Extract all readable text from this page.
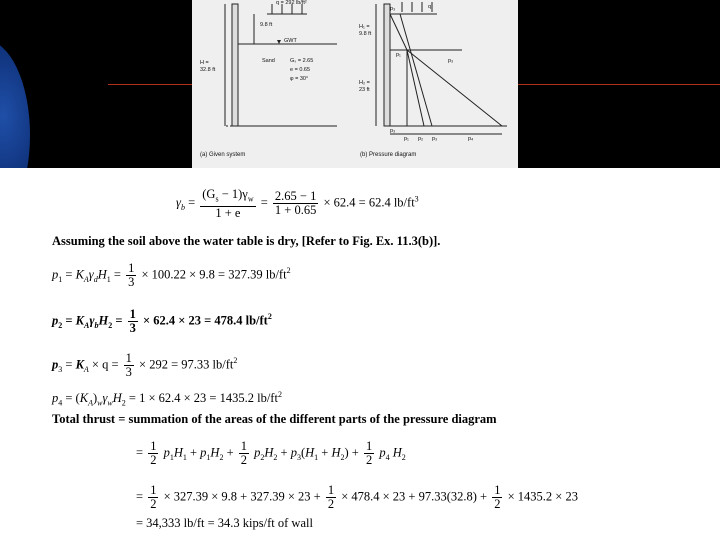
q = 292 lb/ft²
9.8 ft
GWT
Sand	Gₛ = 2.65
e = 0.65
φ = 30°
H =
32.8 ft
(a) Given system
p₃	q
H₁ =
9.8 ft
p₁
p₃
H₂ =
23 ft
p₃
p₁ p₂ p₃	p₄
(b) Pressure diagram
$\gamma_b = \frac{(G_s - 1)\gamma_w}{1 + e} = \frac{2.65 - 1}{1 + 0.65} \times 62.4 = 62.4$ $lb/ft^3$
Assuming the soil above the water table is dry, [Refer to Fig. Ex. 11.3(b)].
$p_1 = K_A\gamma_dH_1 = \frac{1}{3} \times 100.22 \times 9.8 = 327.39$ $lb/ft^2$
$p_2 = K_A\gamma_bH_2 = \frac{1}{3} \times 62.4 \times 23 = 478.4$ $lb/ft^2$
$p_3 = K_A \times q = \frac{1}{3} \times 292 = 97.33$ $lb/ft^2$
$p_4 = (K_A)_w\gamma_wH_2 = 1 \times 62.4 \times 23 = 1435.2$ $lb/ft^2$
Total thrust = summation of the areas of the different parts of the pressure diagram
= $\frac{1}{2} p_1H_1 + p_1H_2 + \frac{1}{2} p_2H_2 + p_3(H_1 + H_2) + \frac{1}{2} p_4$ $H_2$
= $\frac{1}{2} \times 327.39 \times 9.8 + 327.39 \times 23 + \frac{1}{2} \times 478.4 \times 23 + 97.33(32.8) + \frac{1}{2} \times 1435.2 \times 23$
= 34,333 lb/ft = 34.3 kips/ft of wall
